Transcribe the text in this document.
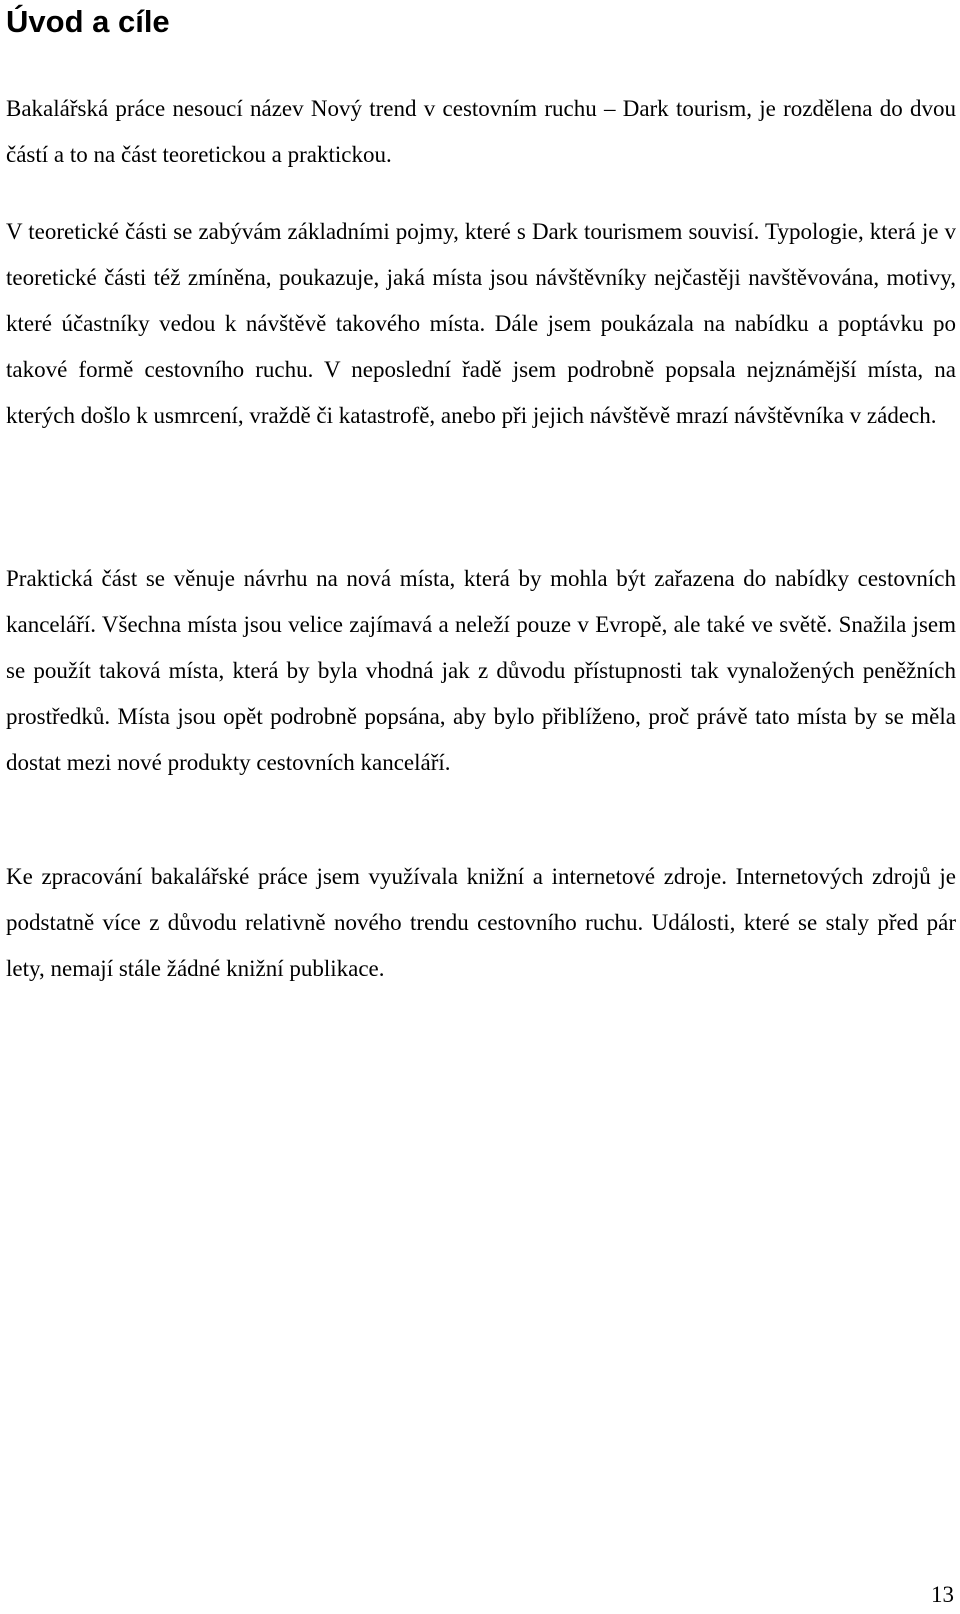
Úvod a cíle

Bakalářská práce nesoucí název Nový trend v cestovním ruchu – Dark tourism, je rozdělena do dvou částí a to na část teoretickou a praktickou.

V teoretické části se zabývám základními pojmy, které s Dark tourismem souvisí. Typologie, která je v teoretické části též zmíněna, poukazuje, jaká místa jsou návštěvníky nejčastěji navštěvována, motivy, které účastníky vedou k návštěvě takového místa. Dále jsem poukázala na nabídku a poptávku po takové formě cestovního ruchu. V neposlední řadě jsem podrobně popsala nejznámější místa, na kterých došlo k usmrcení, vraždě či katastrofě, anebo při jejich návštěvě mrazí návštěvníka v zádech.

Praktická část se věnuje návrhu na nová místa, která by mohla být zařazena do nabídky cestovních kanceláří. Všechna místa jsou velice zajímavá a neleží pouze v Evropě, ale také ve světě. Snažila jsem se použít taková místa, která by byla vhodná jak z důvodu přístupnosti tak vynaložených peněžních prostředků. Místa jsou opět podrobně popsána, aby bylo přiblíženo, proč právě tato místa by se měla dostat mezi nové produkty cestovních kanceláří.

Ke zpracování bakalářské práce jsem využívala knižní a internetové zdroje. Internetových zdrojů je podstatně více z důvodu relativně nového trendu cestovního ruchu. Události, které se staly před pár lety, nemají stále žádné knižní publikace.

13
